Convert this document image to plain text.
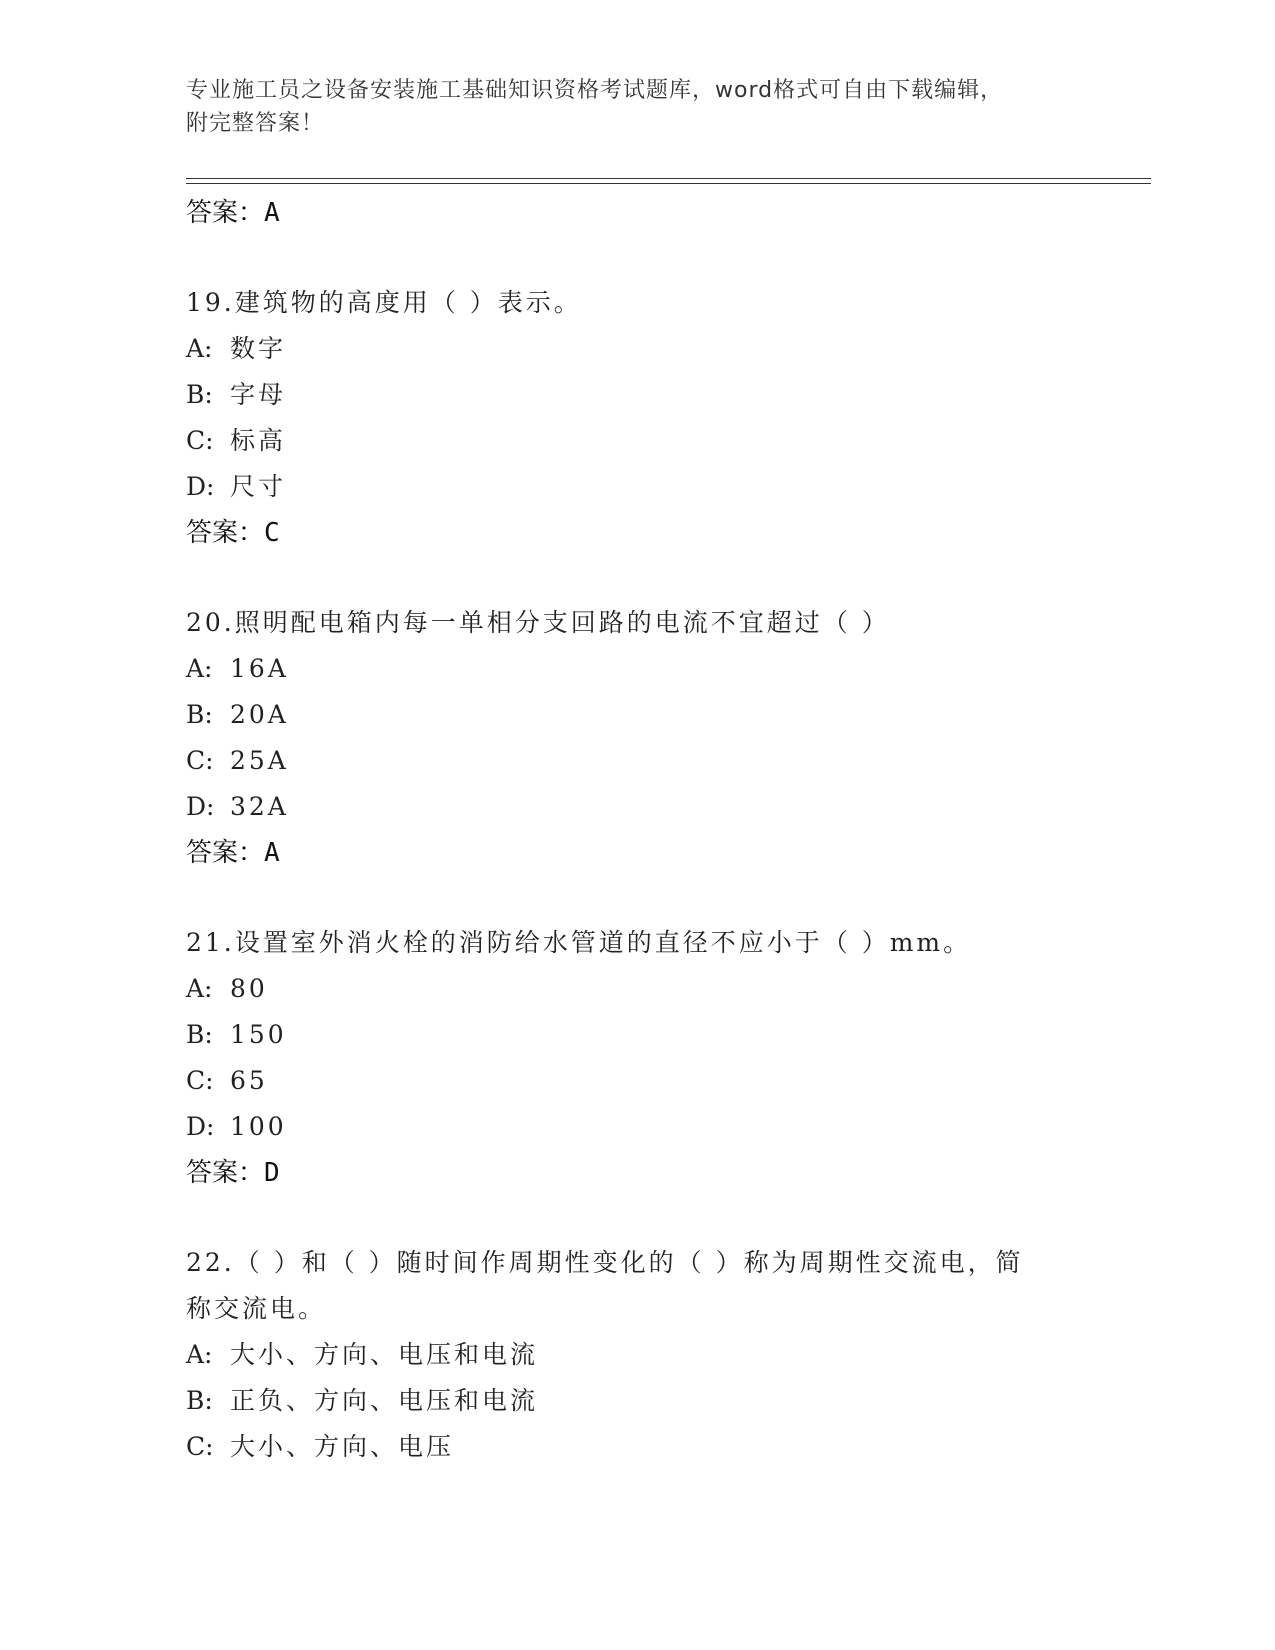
专业施工员之设备安装施工基础知识资格考试题库，word格式可自由下载编辑，
附完整答案！
答案：A
19.建筑物的高度用（ ）表示。
A: 数字
B: 字母
C: 标高
D: 尺寸
答案：C
20.照明配电箱内每一单相分支回路的电流不宜超过（ ）
A: 16A
B: 20A
C: 25A
D: 32A
答案：A
21.设置室外消火栓的消防给水管道的直径不应小于（ ）mm。
A: 80
B: 150
C: 65
D: 100
答案：D
22.（ ）和（ ）随时间作周期性变化的（ ）称为周期性交流电，简
称交流电。
A: 大小、方向、电压和电流
B: 正负、方向、电压和电流
C: 大小、方向、电压
